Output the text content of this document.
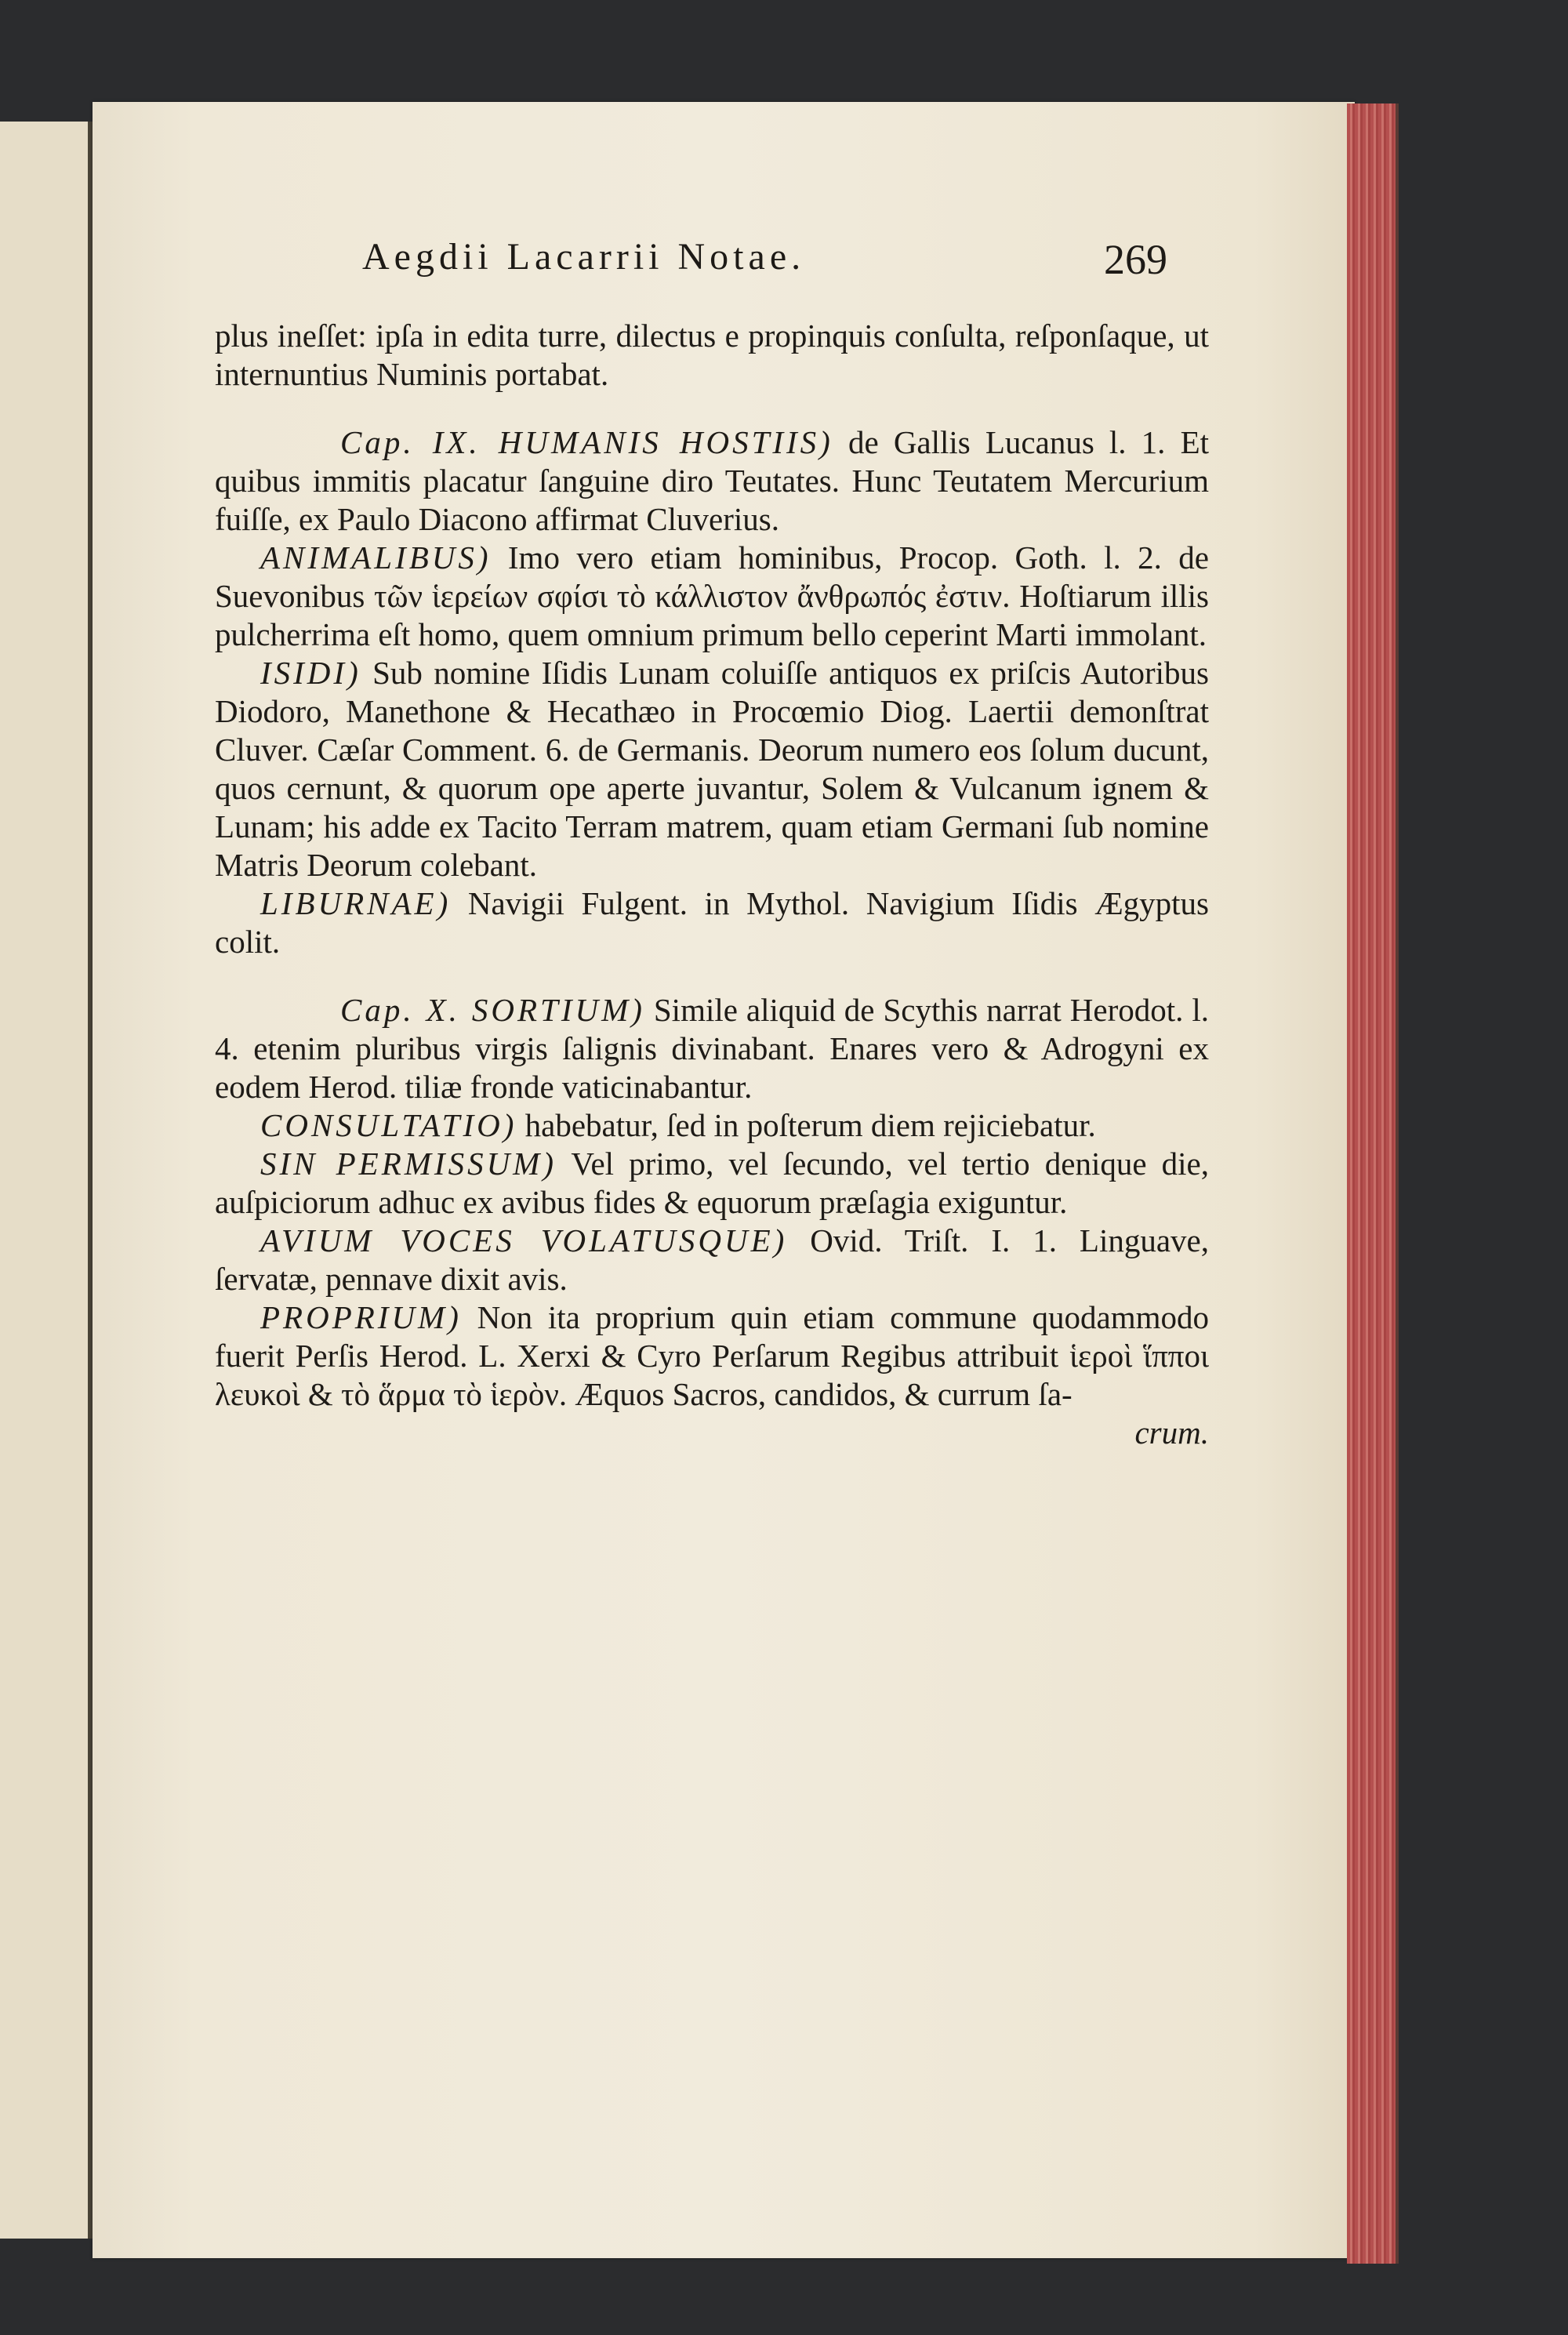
Aegdii Lacarrii Notae.	269

plus ineſſet: ipſa in edita turre, dilectus e propinquis conſulta, reſponſaque, ut internuntius Numinis portabat.

Cap. IX. HUMANIS HOSTIIS) de Gallis Lucanus l. 1. Et quibus immitis placatur ſanguine diro Teutates. Hunc Teutatem Mercurium fuiſſe, ex Paulo Diacono affirmat Cluverius.

ANIMALIBUS) Imo vero etiam hominibus, Procop. Goth. l. 2. de Suevonibus τῶν ἱερείων σφίσι τὸ κάλλιστον ἄνθρωπός ἐστιν. Hoſtiarum illis pulcherrima eſt homo, quem omnium primum bello ceperint Marti immolant.

ISIDI) Sub nomine Iſidis Lunam coluiſſe antiquos ex priſcis Autoribus Diodoro, Manethone & Hecathæo in Procœmio Diog. Laertii demonſtrat Cluver. Cæſar Comment. 6. de Germanis. Deorum numero eos ſolum ducunt, quos cernunt, & quorum ope aperte juvantur, Solem & Vulcanum ignem & Lunam; his adde ex Tacito Terram matrem, quam etiam Germani ſub nomine Matris Deorum colebant.

LIBURNAE) Navigii Fulgent. in Mythol. Navigium Iſidis Ægyptus colit.

Cap. X. SORTIUM) Simile aliquid de Scythis narrat Herodot. l. 4. etenim pluribus virgis ſalignis divinabant. Enares vero & Adrogyni ex eodem Herod. tiliæ fronde vaticinabantur.

CONSULTATIO) habebatur, ſed in poſterum diem rejiciebatur.

SIN PERMISSUM) Vel primo, vel ſecundo, vel tertio denique die, auſpiciorum adhuc ex avibus fides & equorum præſagia exiguntur.

AVIUM VOCES VOLATUSQUE) Ovid. Triſt. I. 1. Linguave, ſervatæ, pennave dixit avis.

PROPRIUM) Non ita proprium quin etiam commune quodammodo fuerit Perſis Herod. L. Xerxi & Cyro Perſarum Regibus attribuit ἱεροὶ ἵπποι λευκοὶ & τὸ ἅρμα τὸ ἱερὸν. Æquos Sacros, candidos, & currum ſa-

crum.
